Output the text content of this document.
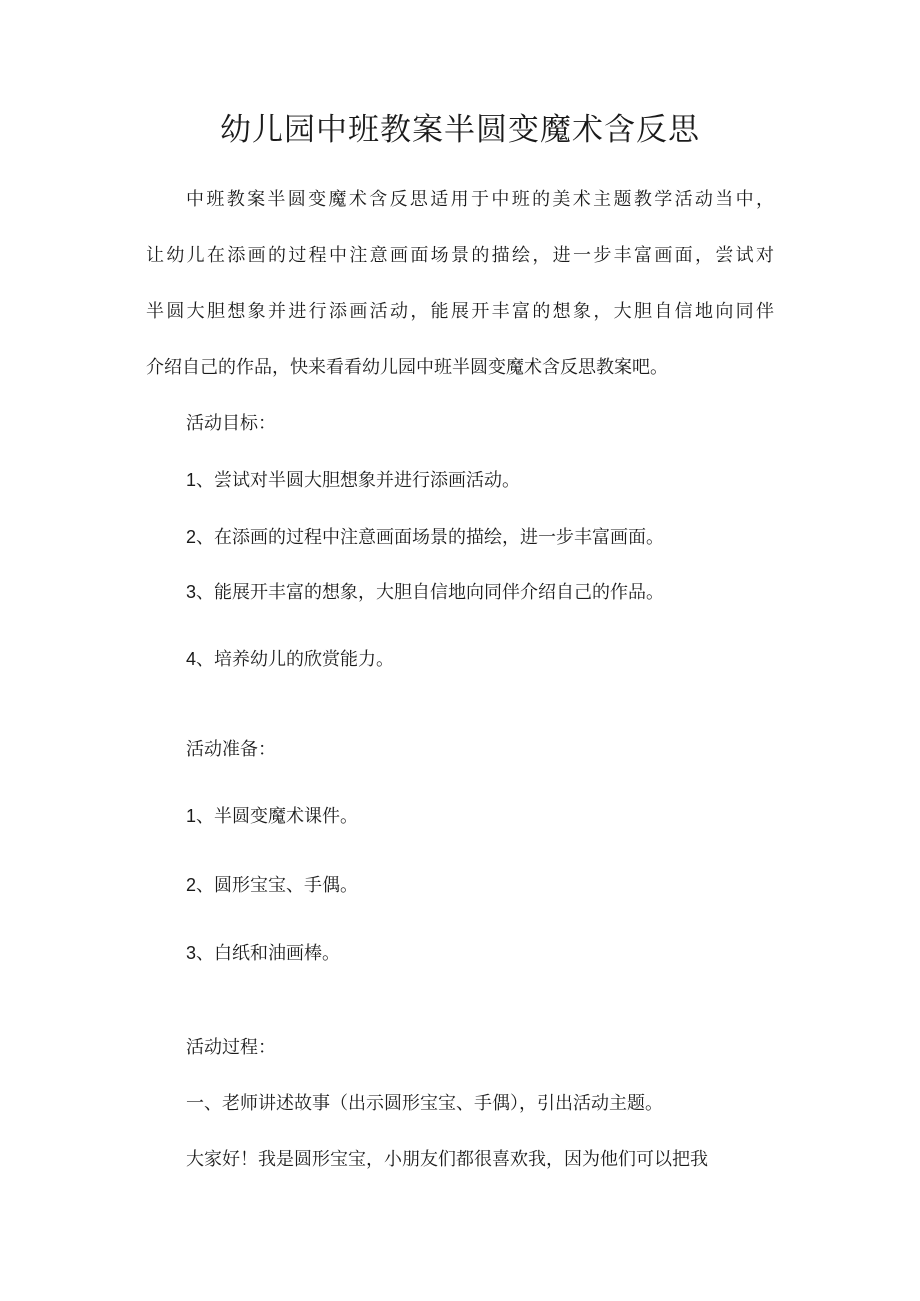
幼儿园中班教案半圆变魔术含反思
中班教案半圆变魔术含反思适用于中班的美术主题教学活动当中，
让幼儿在添画的过程中注意画面场景的描绘，进一步丰富画面，尝试对
半圆大胆想象并进行添画活动，能展开丰富的想象，大胆自信地向同伴
介绍自己的作品，快来看看幼儿园中班半圆变魔术含反思教案吧。
活动目标：
1、尝试对半圆大胆想象并进行添画活动。
2、在添画的过程中注意画面场景的描绘，进一步丰富画面。
3、能展开丰富的想象，大胆自信地向同伴介绍自己的作品。
4、培养幼儿的欣赏能力。
活动准备：
1、半圆变魔术课件。
2、圆形宝宝、手偶。
3、白纸和油画棒。
活动过程：
一、老师讲述故事（出示圆形宝宝、手偶），引出活动主题。
大家好！我是圆形宝宝，小朋友们都很喜欢我，因为他们可以把我
